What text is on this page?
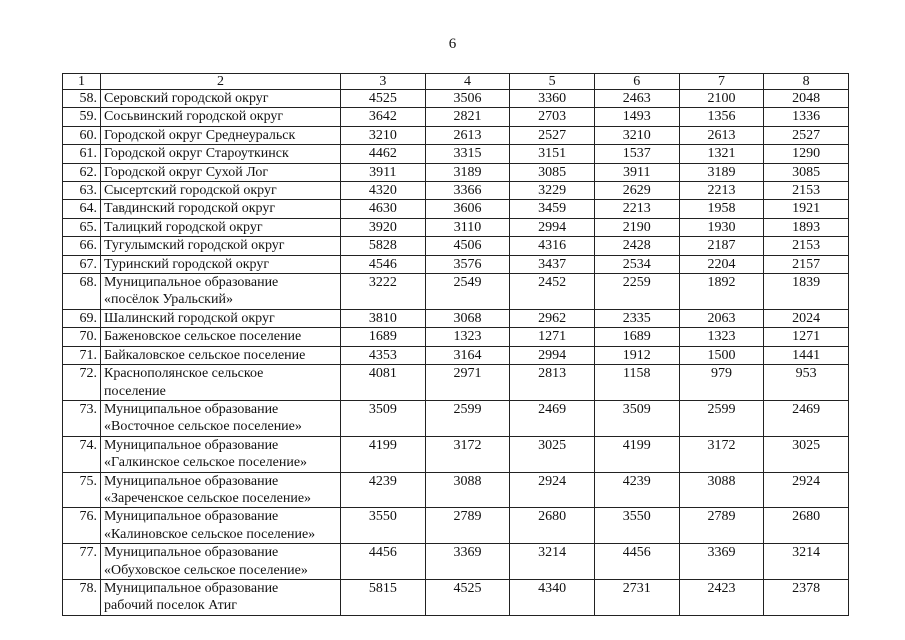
6
1	2	3	4	5	6	7	8
58.	Серовский городской округ	4525	3506	3360	2463	2100	2048
59.	Сосьвинский городской округ	3642	2821	2703	1493	1356	1336
60.	Городской округ Среднеуральск	3210	2613	2527	3210	2613	2527
61.	Городской округ Староуткинск	4462	3315	3151	1537	1321	1290
62.	Городской округ Сухой Лог	3911	3189	3085	3911	3189	3085
63.	Сысертский городской округ	4320	3366	3229	2629	2213	2153
64.	Тавдинский городской округ	4630	3606	3459	2213	1958	1921
65.	Талицкий городской округ	3920	3110	2994	2190	1930	1893
66.	Тугулымский городской округ	5828	4506	4316	2428	2187	2153
67.	Туринский городской округ	4546	3576	3437	2534	2204	2157
68.	Муниципальное образование
«посёлок Уральский»	3222	2549	2452	2259	1892	1839
69.	Шалинский городской округ	3810	3068	2962	2335	2063	2024
70.	Баженовское сельское поселение	1689	1323	1271	1689	1323	1271
71.	Байкаловское сельское поселение	4353	3164	2994	1912	1500	1441
72.	Краснополянское сельское
поселение	4081	2971	2813	1158	979	953
73.	Муниципальное образование
«Восточное сельское поселение»	3509	2599	2469	3509	2599	2469
74.	Муниципальное образование
«Галкинское сельское поселение»	4199	3172	3025	4199	3172	3025
75.	Муниципальное образование
«Зареченское сельское поселение»	4239	3088	2924	4239	3088	2924
76.	Муниципальное образование
«Калиновское сельское поселение»	3550	2789	2680	3550	2789	2680
77.	Муниципальное образование
«Обуховское сельское поселение»	4456	3369	3214	4456	3369	3214
78.	Муниципальное образование
рабочий поселок Атиг	5815	4525	4340	2731	2423	2378
